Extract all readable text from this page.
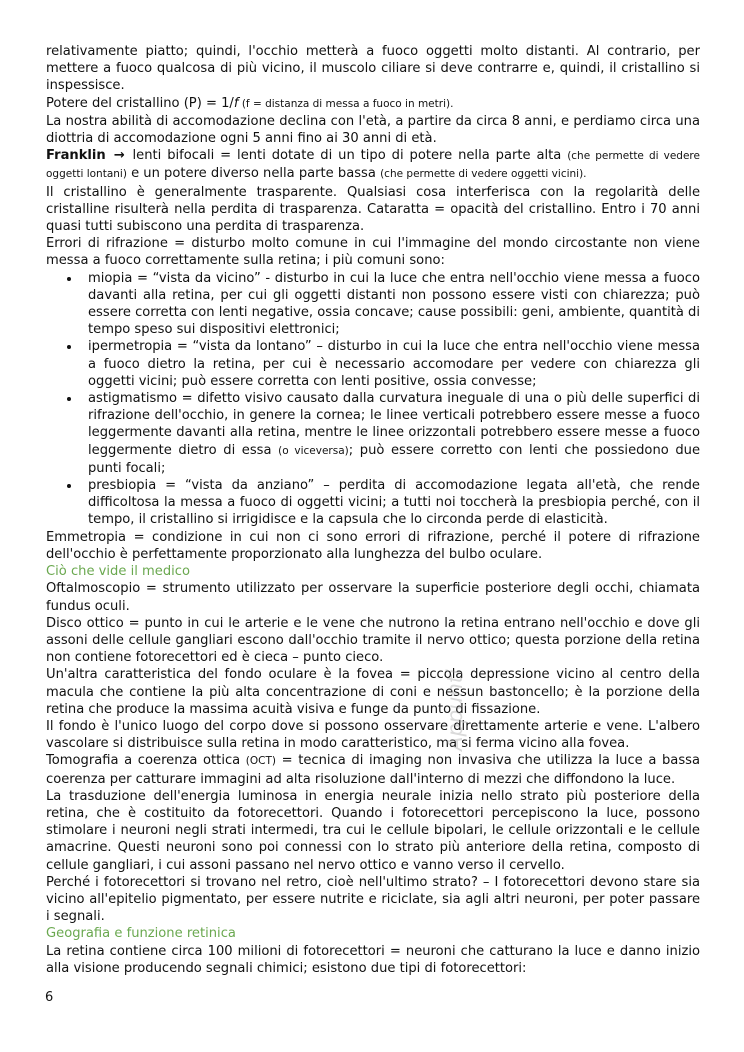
relativamente piatto; quindi, l'occhio metterà a fuoco oggetti molto distanti. Al contrario, per mettere a fuoco qualcosa di più vicino, il muscolo ciliare si deve contrarre e, quindi, il cristallino si inspessisce.

Potere del cristallino (P) = 1/f (f = distanza di messa a fuoco in metri).

La nostra abilità di accomodazione declina con l'età, a partire da circa 8 anni, e perdiamo circa una diottria di accomodazione ogni 5 anni fino ai 30 anni di età.

Franklin → lenti bifocali = lenti dotate di un tipo di potere nella parte alta (che permette di vedere oggetti lontani) e un potere diverso nella parte bassa (che permette di vedere oggetti vicini).

Il cristallino è generalmente trasparente. Qualsiasi cosa interferisca con la regolarità delle cristalline risulterà nella perdita di trasparenza. Cataratta = opacità del cristallino. Entro i 70 anni quasi tutti subiscono una perdita di trasparenza.

Errori di rifrazione = disturbo molto comune in cui l'immagine del mondo circostante non viene messa a fuoco correttamente sulla retina; i più comuni sono:

miopia = “vista da vicino” - disturbo in cui la luce che entra nell'occhio viene messa a fuoco davanti alla retina, per cui gli oggetti distanti non possono essere visti con chiarezza; può essere corretta con lenti negative, ossia concave; cause possibili: geni, ambiente, quantità di tempo speso sui dispositivi elettronici;
ipermetropia = “vista da lontano” – disturbo in cui la luce che entra nell'occhio viene messa a fuoco dietro la retina, per cui è necessario accomodare per vedere con chiarezza gli oggetti vicini; può essere corretta con lenti positive, ossia convesse;
astigmatismo = difetto visivo causato dalla curvatura ineguale di una o più delle superfici di rifrazione dell'occhio, in genere la cornea; le linee verticali potrebbero essere messe a fuoco leggermente davanti alla retina, mentre le linee orizzontali potrebbero essere messe a fuoco leggermente dietro di essa (o viceversa); può essere corretto con lenti che possiedono due punti focali;
presbiopia = “vista da anziano” – perdita di accomodazione legata all'età, che rende difficoltosa la messa a fuoco di oggetti vicini; a tutti noi toccherà la presbiopia perché, con il tempo, il cristallino si irrigidisce e la capsula che lo circonda perde di elasticità.

Emmetropia = condizione in cui non ci sono errori di rifrazione, perché il potere di rifrazione dell'occhio è perfettamente proporzionato alla lunghezza del bulbo oculare.

Ciò che vide il medico

Oftalmoscopio = strumento utilizzato per osservare la superficie posteriore degli occhi, chiamata fundus oculi.

Disco ottico = punto in cui le arterie e le vene che nutrono la retina entrano nell'occhio e dove gli assoni delle cellule gangliari escono dall'occhio tramite il nervo ottico; questa porzione della retina non contiene fotorecettori ed è cieca – punto cieco.

Un'altra caratteristica del fondo oculare è la fovea = piccola depressione vicino al centro della macula che contiene la più alta concentrazione di coni e nessun bastoncello; è la porzione della retina che produce la massima acuità visiva e funge da punto di fissazione.

Il fondo è l'unico luogo del corpo dove si possono osservare direttamente arterie e vene. L'albero vascolare si distribuisce sulla retina in modo caratteristico, ma si ferma vicino alla fovea.

Tomografia a coerenza ottica (OCT) = tecnica di imaging non invasiva che utilizza la luce a bassa coerenza per catturare immagini ad alta risoluzione dall'interno di mezzi che diffondono la luce.

La trasduzione dell'energia luminosa in energia neurale inizia nello strato più posteriore della retina, che è costituito da fotorecettori. Quando i fotorecettori percepiscono la luce, possono stimolare i neuroni negli strati intermedi, tra cui le cellule bipolari, le cellule orizzontali e le cellule amacrine. Questi neuroni sono poi connessi con lo strato più anteriore della retina, composto di cellule gangliari, i cui assoni passano nel nervo ottico e vanno verso il cervello.

Perché i fotorecettori si trovano nel retro, cioè nell'ultimo strato? – I fotorecettori devono stare sia vicino all'epitelio pigmentato, per essere nutrite e riciclate, sia agli altri neuroni, per poter passare i segnali.

Geografia e funzione retinica

La retina contiene circa 100 milioni di fotorecettori = neuroni che catturano la luce e danno inizio alla visione producendo segnali chimici; esistono due tipi di fotorecettori:

6
Appunti
